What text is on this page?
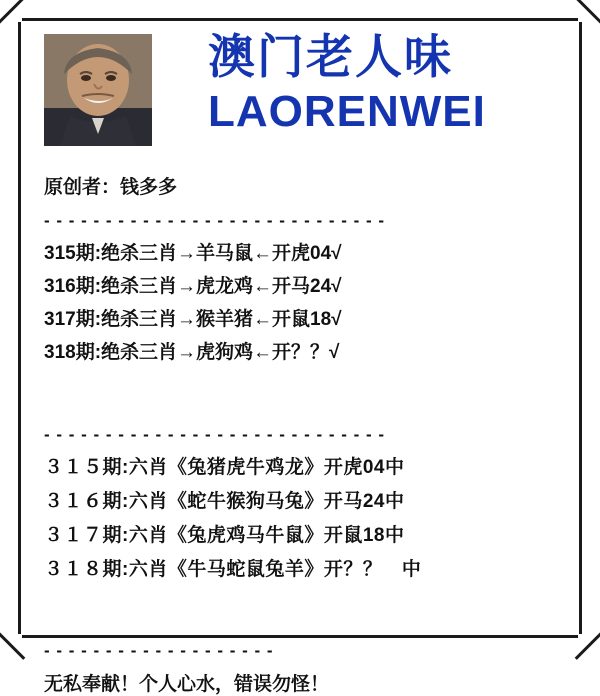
澳门老人味
LAORENWEI
原创者：钱多多
- - - - - - - - - - - - - - - - - - - - - - - - - - - -
315期:绝杀三肖→羊马鼠←开虎04√
316期:绝杀三肖→虎龙鸡←开马24√
317期:绝杀三肖→猴羊猪←开鼠18√
318期:绝杀三肖→虎狗鸡←开？？√
- - - - - - - - - - - - - - - - - - - - - - - - - - - -
３１５期:六肖《兔猪虎牛鸡龙》开虎04中
３１６期:六肖《蛇牛猴狗马兔》开马24中
３１７期:六肖《兔虎鸡马牛鼠》开鼠18中
３１８期:六肖《牛马蛇鼠兔羊》开？？　中
- - - - - - - - - - - - - - - - - - -
无私奉献！个人心水，错误勿怪！
